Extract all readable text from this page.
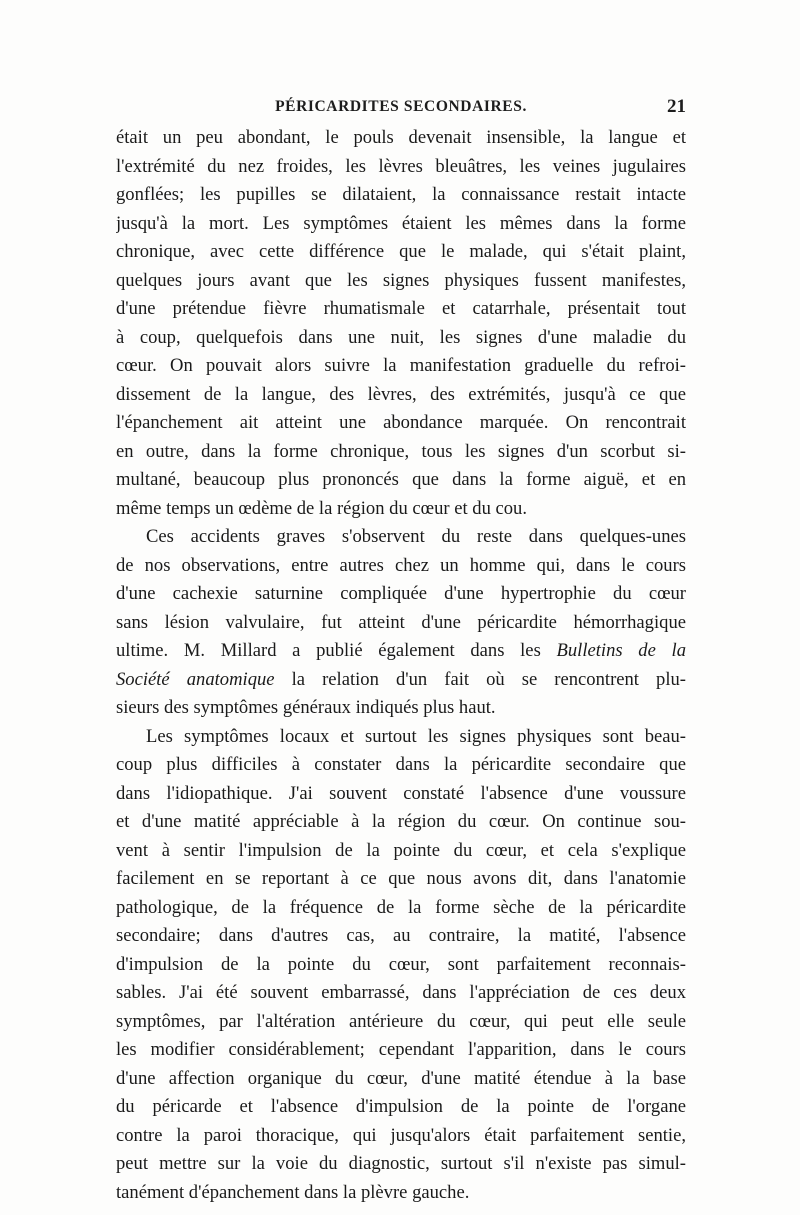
PÉRICARDITES SECONDAIRES.	21
était un peu abondant, le pouls devenait insensible, la langue et
l'extrémité du nez froides, les lèvres bleuâtres, les veines jugulaires
gonflées; les pupilles se dilataient, la connaissance restait intacte
jusqu'à la mort. Les symptômes étaient les mêmes dans la forme
chronique, avec cette différence que le malade, qui s'était plaint,
quelques jours avant que les signes physiques fussent manifestes,
d'une prétendue fièvre rhumatismale et catarrhale, présentait tout
à coup, quelquefois dans une nuit, les signes d'une maladie du
cœur. On pouvait alors suivre la manifestation graduelle du refroi-
dissement de la langue, des lèvres, des extrémités, jusqu'à ce que
l'épanchement ait atteint une abondance marquée. On rencontrait
en outre, dans la forme chronique, tous les signes d'un scorbut si-
multané, beaucoup plus prononcés que dans la forme aiguë, et en
même temps un œdème de la région du cœur et du cou.
Ces accidents graves s'observent du reste dans quelques-unes
de nos observations, entre autres chez un homme qui, dans le cours
d'une cachexie saturnine compliquée d'une hypertrophie du cœur
sans lésion valvulaire, fut atteint d'une péricardite hémorrhagique
ultime. M. Millard a publié également dans les Bulletins de la
Société anatomique la relation d'un fait où se rencontrent plu-
sieurs des symptômes généraux indiqués plus haut.
Les symptômes locaux et surtout les signes physiques sont beau-
coup plus difficiles à constater dans la péricardite secondaire que
dans l'idiopathique. J'ai souvent constaté l'absence d'une voussure
et d'une matité appréciable à la région du cœur. On continue sou-
vent à sentir l'impulsion de la pointe du cœur, et cela s'explique
facilement en se reportant à ce que nous avons dit, dans l'anatomie
pathologique, de la fréquence de la forme sèche de la péricardite
secondaire; dans d'autres cas, au contraire, la matité, l'absence
d'impulsion de la pointe du cœur, sont parfaitement reconnais-
sables. J'ai été souvent embarrassé, dans l'appréciation de ces deux
symptômes, par l'altération antérieure du cœur, qui peut elle seule
les modifier considérablement; cependant l'apparition, dans le cours
d'une affection organique du cœur, d'une matité étendue à la base
du péricarde et l'absence d'impulsion de la pointe de l'organe
contre la paroi thoracique, qui jusqu'alors était parfaitement sentie,
peut mettre sur la voie du diagnostic, surtout s'il n'existe pas simul-
tanément d'épanchement dans la plèvre gauche.
